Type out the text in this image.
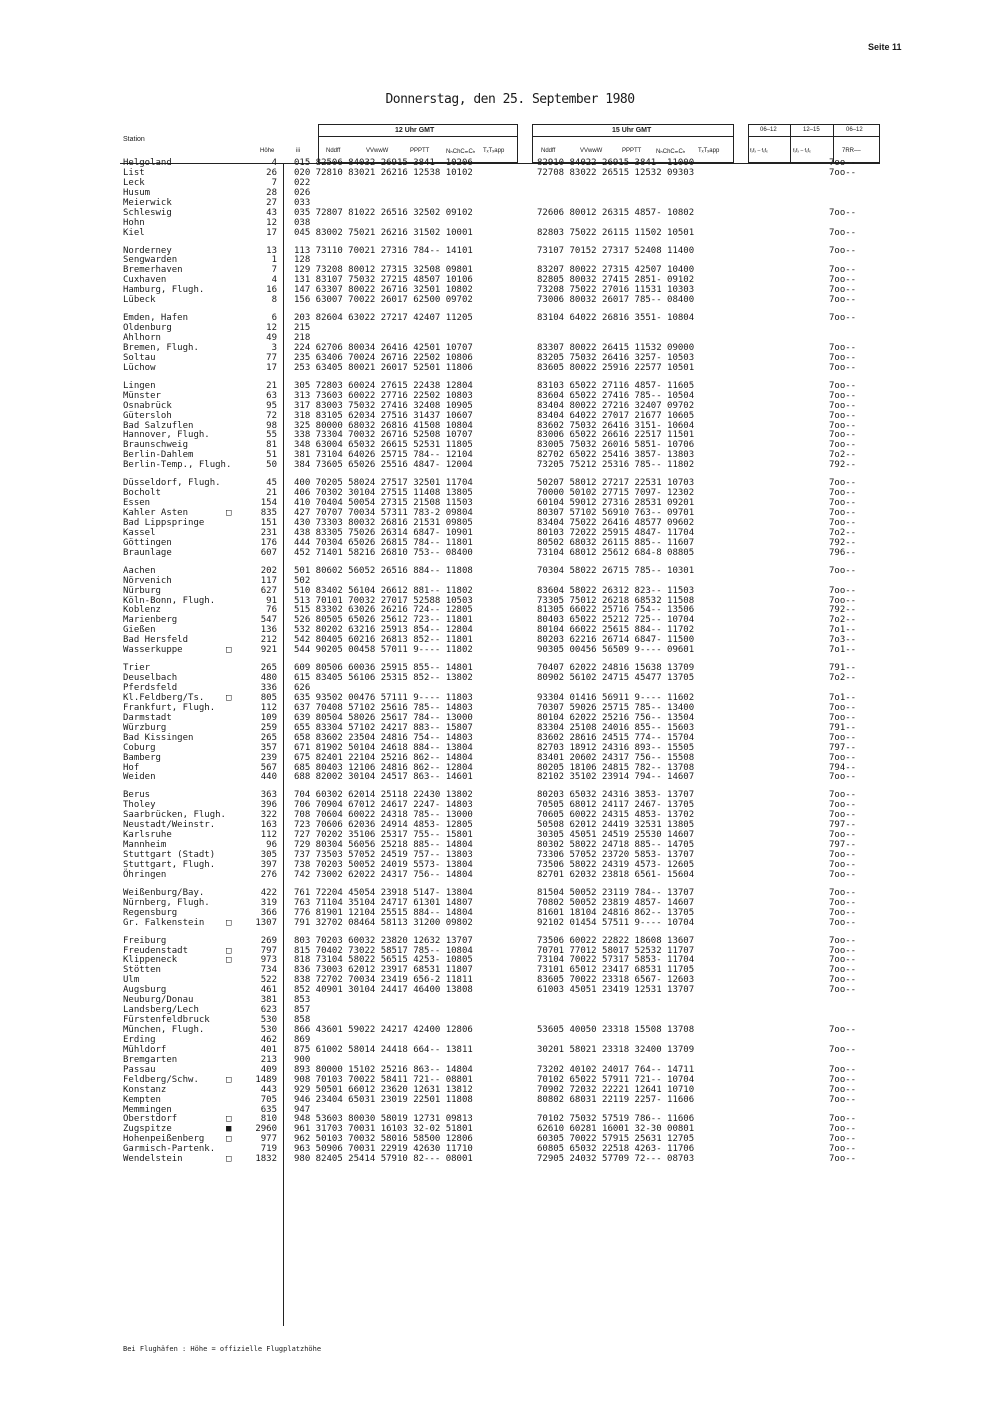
Seite 11
Donnerstag, den 25. September 1980
Station
Höhe	iii
12 Uhr GMT
Nddff	VVwwW	PPPTT	NₕChCₘCₕ TₓTₓapp
15 Uhr GMT
Nddff	VVwwW	PPPTT NₕChCₘCₕ TₓTₓapp
06–12	12–15	06–12
fₓfₓ – fₓfₓ	fₓfₓ – fₓfₓ	7RR––
Helgoland	4 015 82506 84032 26915 3841- 10206	82910 84022 26915 3841- 11000	7oo--
List	26 020 72810 83021 26216 12538 10102	72708 83022 26515 12532 09303	7oo--
Leck	7 022
Husum	28 026
Meierwick	27 033
Schleswig	43 035 72807 81022 26516 32502 09102	72606 80012 26315 4857- 10802	7oo--
Hohn	12 038
Kiel	17 045 83002 75021 26216 31502 10001	82803 75022 26115 11502 10501	7oo--
Norderney	13 113 73110 70021 27316 784-- 14101	73107 70152 27317 52408 11400	7oo--
Sengwarden	1 128
Bremerhaven	7 129 73208 80012 27315 32508 09801	83207 80022 27315 42507 10400	7oo--
Cuxhaven	4 131 83107 75032 27215 48507 10106	82805 80032 27415 2851- 09102	7oo--
Hamburg, Flugh.	16 147 63307 80022 26716 32501 10802	73208 75022 27016 11531 10303	7oo--
Lübeck	8 156 63007 70022 26017 62500 09702	73006 80032 26017 785-- 08400	7oo--
Emden, Hafen	6 203 82604 63022 27217 42407 11205	83104 64022 26816 3551- 10804	7oo--
Oldenburg	12 215
Ahlhorn	49 218
Bremen, Flugh.	3 224 62706 80034 26416 42501 10707	83307 80022 26415 11532 09000	7oo--
Soltau	77 235 63406 70024 26716 22502 10806	83205 75032 26416 3257- 10503	7oo--
Lüchow	17 253 63405 80021 26017 52501 11806	83605 80022 25916 22577 10501	7oo--
Lingen	21 305 72803 60024 27615 22438 12804	83103 65022 27116 4857- 11605	7oo--
Münster	63 313 73603 60022 27716 22502 10803	83604 65022 27416 785-- 10504	7oo--
Osnabrück	95 317 83003 75032 27416 32408 10905	83404 80022 27216 32407 09702	7oo--
Gütersloh	72 318 83105 62034 27516 31437 10607	83404 64022 27017 21677 10605	7oo--
Bad Salzuflen	98 325 80000 68032 26816 41508 10804	83602 75032 26416 3151- 10604	7oo--
Hannover, Flugh.	55 338 73304 70032 26716 52508 10707	83006 65022 26616 22517 11501	7oo--
Braunschweig	81 348 63004 65032 26615 52531 11805	83005 75032 26016 5851- 10706	7oo--
Berlin-Dahlem	51 381 73104 64026 25715 784-- 12104	82702 65022 25416 3857- 13803	7o2--
Berlin-Temp., Flugh.	50 384 73605 65026 25516 4847- 12004	73205 75212 25316 785-- 11802	792--
Düsseldorf, Flugh.	45 400 70205 58024 27517 32501 11704	50207 58012 27217 22531 10703	7oo--
Bocholt	21 406 70302 30104 27515 11408 13805	70000 50102 27715 7097- 12302	7oo--
Essen	154 410 70404 50054 27315 21508 11503	60104 59012 27316 28531 09201	7oo--
Kahler Asten	□	835 427 70707 70034 57311 783-2 09804	80307 57102 56910 763-- 09701	7oo--
Bad Lippspringe	151 430 73303 80032 26816 21531 09805	83404 75022 26416 48577 09602	7oo--
Kassel	231 438 83305 75026 26314 6847- 10901	80103 72022 25915 4847- 11704	7o2--
Göttingen	176 444 70304 65026 26815 784-- 11801	80502 68032 26115 885-- 11607	792--
Braunlage	607 452 71401 58216 26810 753-- 08400	73104 68012 25612 684-8 08805	796--
Aachen	202 501 80602 56052 26516 884-- 11808	70304 58022 26715 785-- 10301	7oo--
Nörvenich	117 502
Nürburg	627 510 83402 56104 26612 881-- 11802	83604 58022 26312 823-- 11503	7oo--
Köln-Bonn, Flugh.	91 513 70101 70032 27017 52588 10503	73305 75012 26218 68532 11508	7oo--
Koblenz	76 515 83302 63026 26216 724-- 12805	81305 66022 25716 754-- 13506	792--
Marienberg	547 526 80505 65026 25612 723-- 11801	80403 65022 25212 725-- 10704	7o2--
Gießen	136 532 80202 63216 25913 854-- 12804	80104 66022 25615 884-- 11702	7o1--
Bad Hersfeld	212 542 80405 60216 26813 852-- 11801	80203 62216 26714 6847- 11500	7o3--
Wasserkuppe	□	921 544 90205 00458 57011 9---- 11802	90305 00456 56509 9---- 09601	7o1--
Trier	265 609 80506 60036 25915 855-- 14801	70407 62022 24816 15638 13709	791--
Deuselbach	480 615 83405 56106 25315 852-- 13802	80902 56102 24715 45477 13705	7o2--
Pferdsfeld	336 626
Kl.Feldberg/Ts. □	805 635 93502 00476 57111 9---- 11803	93304 01416 56911 9---- 11602	7o1--
Frankfurt, Flugh.	112 637 70408 57102 25616 785-- 14803	70307 59026 25715 785-- 13400	7oo--
Darmstadt	109 639 80504 58026 25617 784-- 13000	80104 62022 25216 756-- 13504	7oo--
Würzburg	259 655 83304 57102 24217 883-- 15807	83304 25108 24016 855-- 15603	791--
Bad Kissingen	265 658 83602 23504 24816 754-- 14803	83602 28616 24515 774-- 15704	7oo--
Coburg	357 671 81902 50104 24618 884-- 13804	82703 18912 24316 893-- 15505	797--
Bamberg	239 675 82401 22104 25216 862-- 14804	83401 20602 24317 756-- 15508	7oo--
Hof	567 685 80403 12106 24816 862-- 12804	80205 18106 24815 782-- 13708	794--
Weiden	440 688 82002 30104 24517 863-- 14601	82102 35102 23914 794-- 14607	7oo--
Berus	363 704 60302 62014 25118 22430 13802	80203 65032 24316 3853- 13707	7oo--
Tholey	396 706 70904 67012 24617 2247- 14803	70505 68012 24117 2467- 13705	7oo--
Saarbrücken, Flugh.	322 708 70604 60022 24318 785-- 13000	70605 60022 24315 4853- 13702	7oo--
Neustadt/Weinstr.	163 723 70606 62036 24914 4853- 12805	50508 62012 24419 32531 13805	797--
Karlsruhe	112 727 70202 35106 25317 755-- 15801	30305 45051 24519 25530 14607	7oo--
Mannheim	96 729 80304 56056 25218 885-- 14804	80302 58022 24718 885-- 14705	797--
Stuttgart (Stadt)	305 737 73503 57052 24519 757-- 13803	73306 57052 23720 5853- 13707	7oo--
Stuttgart, Flugh.	397 738 70203 50052 24019 5573- 13804	73506 58022 24319 4573- 12605	7oo--
Öhringen	276 742 73002 62022 24317 756-- 14804	82701 62032 23818 6561- 15604	7oo--
Weißenburg/Bay.	422 761 72204 45054 23918 5147- 13804	81504 50052 23119 784-- 13707	7oo--
Nürnberg, Flugh.	319 763 71104 35104 24717 61301 14807	70802 50052 23819 4857- 14607	7oo--
Regensburg	366 776 81901 12104 25515 884-- 14804	81601 18104 24816 862-- 13705	7oo--
Gr. Falkenstein □	1307 791 32702 08464 58113 31200 09802	92102 01454 57511 9---- 10704	7oo--
Freiburg	269 803 70203 60032 23820 12632 13707	73506 60022 22822 18608 13607	7oo--
Freudenstadt	□	797 815 70402 73022 58517 785-- 10804	70701 77012 58017 52532 11707	7oo--
Klippeneck	□	973 818 73104 58022 56515 4253- 10805	73104 70022 57317 5853- 11704	7oo--
Stötten	734 836 73003 62012 23917 68531 11807	73101 65012 23417 68531 11705	7oo--
Ulm	522 838 72702 70034 23419 656-2 11811	83605 70022 23318 6567- 12603	7oo--
Augsburg	461 852 40901 30104 24417 46400 13808	61003 45051 23419 12531 13707	7oo--
Neuburg/Donau	381 853
Landsberg/Lech	623 857
Fürstenfeldbruck	530 858
München, Flugh.	530 866 43601 59022 24217 42400 12806	53605 40050 23318 15508 13708	7oo--
Erding	462 869
Mühldorf	401 875 61002 58014 24418 664-- 13811	30201 58021 23318 32400 13709	7oo--
Bremgarten	213 900
Passau	409 893 80000 15102 25216 863-- 14804	73202 40102 24017 764-- 14711	7oo--
Feldberg/Schw.	□	1489 908 70103 70022 58411 721-- 08801	70102 65022 57911 721-- 10704	7oo--
Konstanz	443 929 50501 66012 23620 12631 13812	70902 72032 22221 12641 10710	7oo--
Kempten	705 946 23404 65031 23019 22501 11808	80802 68031 22119 2257- 11606	7oo--
Memmingen	635 947
Oberstdorf	□	810 948 53603 80030 58019 12731 09813	70102 75032 57519 786-- 11606	7oo--
Zugspitze	■	2960 961 31703 70031 16103 32-02 51801	62610 60281 16001 32-30 00801	7oo--
Hohenpeißenberg □	977 962 50103 70032 58016 58500 12806	60305 70022 57915 25631 12705	7oo--
Garmisch-Partenk.	719 963 50906 70031 22919 42630 11710	60805 65032 22518 4263- 11706	7oo--
Wendelstein	□	1832 980 82405 25414 57910 82--- 08001	72905 24032 57709 72--- 08703	7oo--
Bei Flughäfen : Höhe = offizielle Flugplatzhöhe
